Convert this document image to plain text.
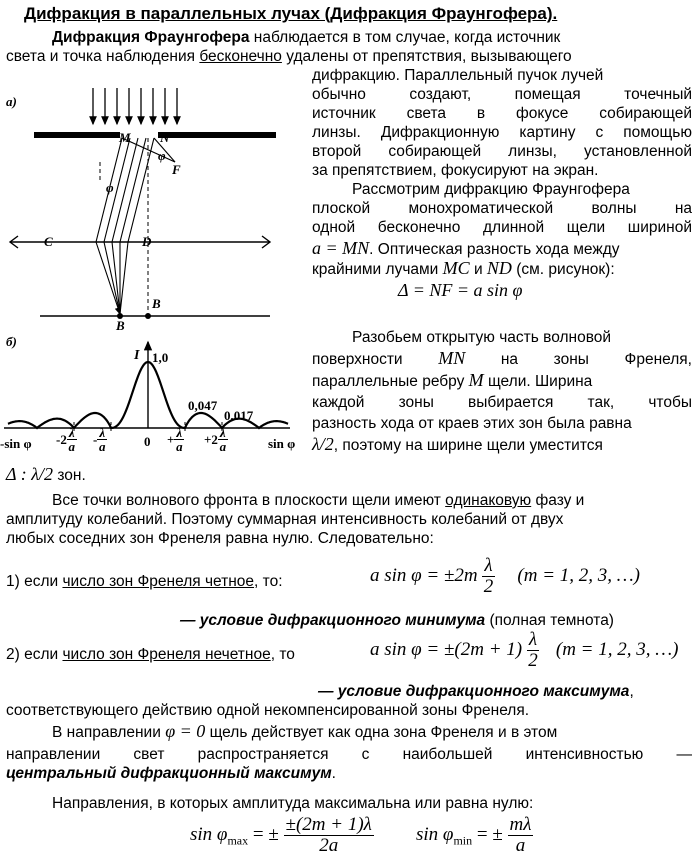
Дифракция в параллельных лучах (Дифракция Фраунгофера).
Дифракция Фраунгофера наблюдается в том случае, когда источник
света и точка наблюдения бесконечно удалены от препятствия, вызывающего
дифракцию. Параллельный пучок лучей
обычно создают, помещая точечный
источник света в фокусе собирающей
линзы. Дифракционную картину с помощью
второй собирающей линзы, установленной
за препятствием, фокусируют на экран.
Рассмотрим дифракцию Фраунгофера
плоской монохроматической волны на
одной бесконечно длинной щели шириной
a = MN. Оптическая разность хода между
крайними лучами MC и ND (см. рисунок):
Δ = NF = a sin φ
Разобьем открытую часть волновой
поверхности MN на зоны Френеля,
параллельные ребру M щели. Ширина
каждой зоны выбирается так, чтобы
разность хода от краев этих зон была равна
λ/2, поэтому на ширине щели уместится
Δ : λ/2 зон.
Все точки волнового фронта в плоскости щели имеют одинаковую фазу и
амплитуду колебаний. Поэтому суммарная интенсивность колебаний от двух
любых соседних зон Френеля равна нулю. Следовательно:
1) если число зон Френеля четное, то:	a $\sin \varphi = \pm 2m \frac{\lambda}{2} (m = 1$, 2, 3, …)
— условие дифракционного минимума (полная темнота)
2) если число зон Френеля нечетное, то	a $\sin \varphi = \pm(2m + 1) \frac{\lambda}{2} (m = 1$, 2, 3, …)
— условие дифракционного максимума,
соответствующего действию одной некомпенсированной зоны Френеля.
В направлении φ = 0 щель действует как одна зона Френеля и в этом
направлении свет распространяется с наибольшей интенсивностью —
центральный дифракционный максимум.
Направления, в которых амплитуда максимальна или равна нулю:
$\sin \varphi_{max}$ = ± $\frac{\pm(2m + 1)\lambda}{2a}$ $\sin \varphi_{min}$ = ± $\frac{m\lambda}{a}$
а)
M N
F
φ
φ
C	D
B
B
б)
I 1,0
0,047
0,017
0
-sin φ	sin φ
$-2 \frac{\lambda}{a} - \frac{\lambda}{a}$	+ $\frac{\lambda}{a} +2 \frac{\lambda}{a}$
